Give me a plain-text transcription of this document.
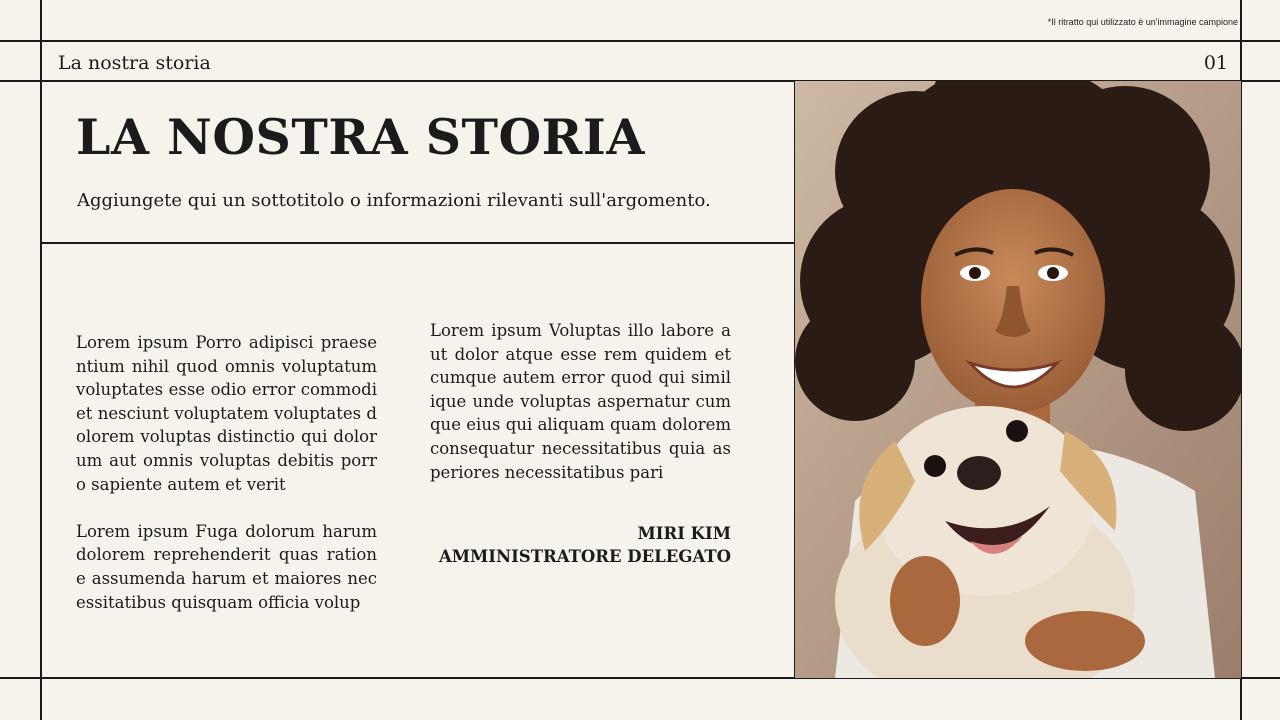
*Il ritratto qui utilizzato è un'immagine campione
La nostra storia	01
LA NOSTRA STORIA
Aggiungete qui un sottotitolo o informazioni rilevanti sull'argomento.

Lorem ipsum Porro adipisci praesentium nihil quod omnis voluptatum voluptates esse odio error commodi et nesciunt voluptatem voluptates dolorem voluptas distinctio qui dolorum aut omnis voluptas debitis porro sapiente autem et verit

Lorem ipsum Fuga dolorum harum dolorem reprehenderit quas ratione assumenda harum et maiores necessitatibus quisquam officia volup

Lorem ipsum Voluptas illo labore aut dolor atque esse rem quidem et cumque autem error quod qui similique unde voluptas aspernatur cumque eius qui aliquam quam dolorem consequatur necessitatibus quia asperiores necessitatibus pari

MIRI KIM
AMMINISTRATORE DELEGATO
